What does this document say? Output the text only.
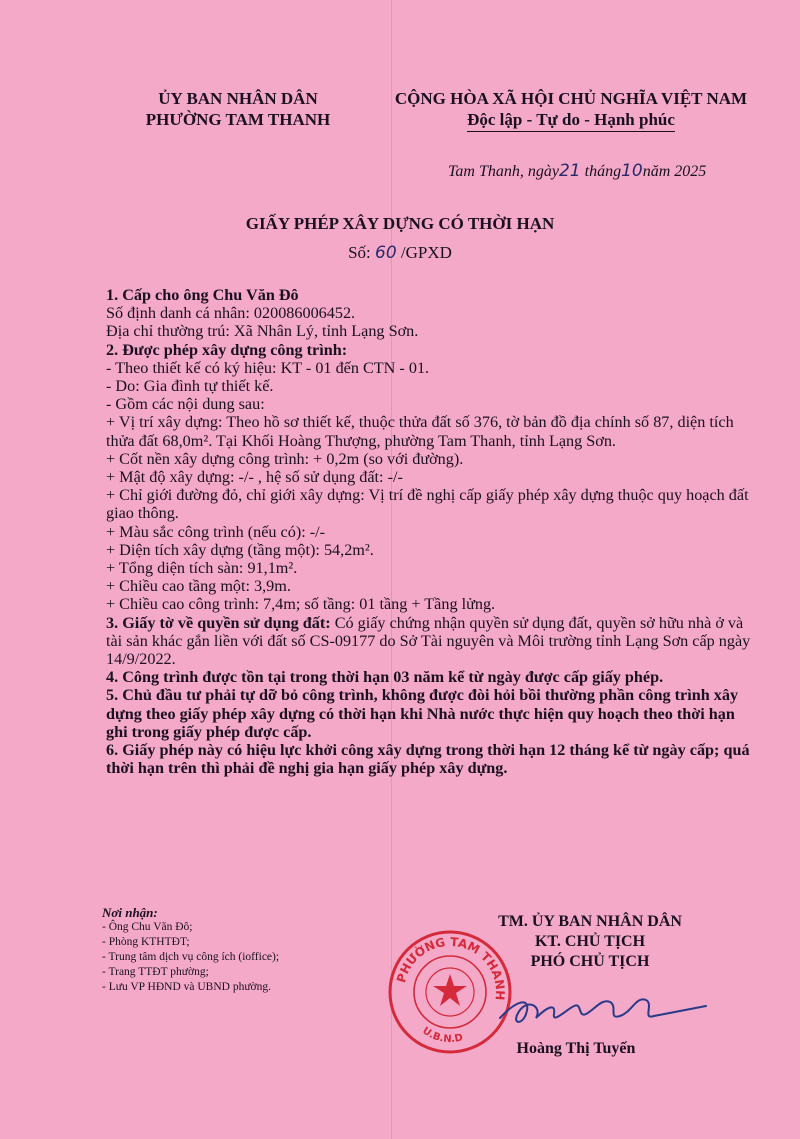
ỦY BAN NHÂN DÂN
PHƯỜNG TAM THANH
CỘNG HÒA XÃ HỘI CHỦ NGHĨA VIỆT NAM
Độc lập - Tự do - Hạnh phúc
Tam Thanh, ngày21 tháng10năm 2025
GIẤY PHÉP XÂY DỰNG CÓ THỜI HẠN
Số: 60 /GPXD

1. Cấp cho ông Chu Văn Đô

Số định danh cá nhân: 020086006452.

Địa chỉ thường trú: Xã Nhân Lý, tỉnh Lạng Sơn.

2. Được phép xây dựng công trình:

- Theo thiết kế có ký hiệu: KT - 01 đến CTN - 01.

- Do: Gia đình tự thiết kế.

- Gồm các nội dung sau:

+ Vị trí xây dựng: Theo hồ sơ thiết kế, thuộc thửa đất số 376, tờ bản đồ địa chính số 87, diện tích thửa đất 68,0m². Tại Khối Hoàng Thượng, phường Tam Thanh, tỉnh Lạng Sơn.

+ Cốt nền xây dựng công trình: + 0,2m (so với đường).

+ Mật độ xây dựng: -/- , hệ số sử dụng đất: -/-

+ Chỉ giới đường đỏ, chỉ giới xây dựng: Vị trí đề nghị cấp giấy phép xây dựng thuộc quy hoạch đất giao thông.

+ Màu sắc công trình (nếu có): -/-

+ Diện tích xây dựng (tầng một): 54,2m².

+ Tổng diện tích sàn: 91,1m².

+ Chiều cao tầng một: 3,9m.

+ Chiều cao công trình: 7,4m; số tầng: 01 tầng + Tầng lửng.

3. Giấy tờ về quyền sử dụng đất: Có giấy chứng nhận quyền sử dụng đất, quyền sở hữu nhà ở và tài sản khác gắn liền với đất số CS-09177 do Sở Tài nguyên và Môi trường tỉnh Lạng Sơn cấp ngày 14/9/2022.

4. Công trình được tồn tại trong thời hạn 03 năm kể từ ngày được cấp giấy phép.

5. Chủ đầu tư phải tự dỡ bỏ công trình, không được đòi hỏi bồi thường phần công trình xây dựng theo giấy phép xây dựng có thời hạn khi Nhà nước thực hiện quy hoạch theo thời hạn ghi trong giấy phép được cấp.

6. Giấy phép này có hiệu lực khởi công xây dựng trong thời hạn 12 tháng kể từ ngày cấp; quá thời hạn trên thì phải đề nghị gia hạn giấy phép xây dựng.

Nơi nhận:
- Ông Chu Văn Đô;
- Phòng KTHTĐT;
- Trung tâm dịch vụ công ích (ioffice);
- Trang TTĐT phường;
- Lưu VP HĐND và UBND phường.
PHƯỜNG TAM THANH
U.B.N.D
TM. ỦY BAN NHÂN DÂN
KT. CHỦ TỊCH
PHÓ CHỦ TỊCH
Hoàng Thị Tuyến
